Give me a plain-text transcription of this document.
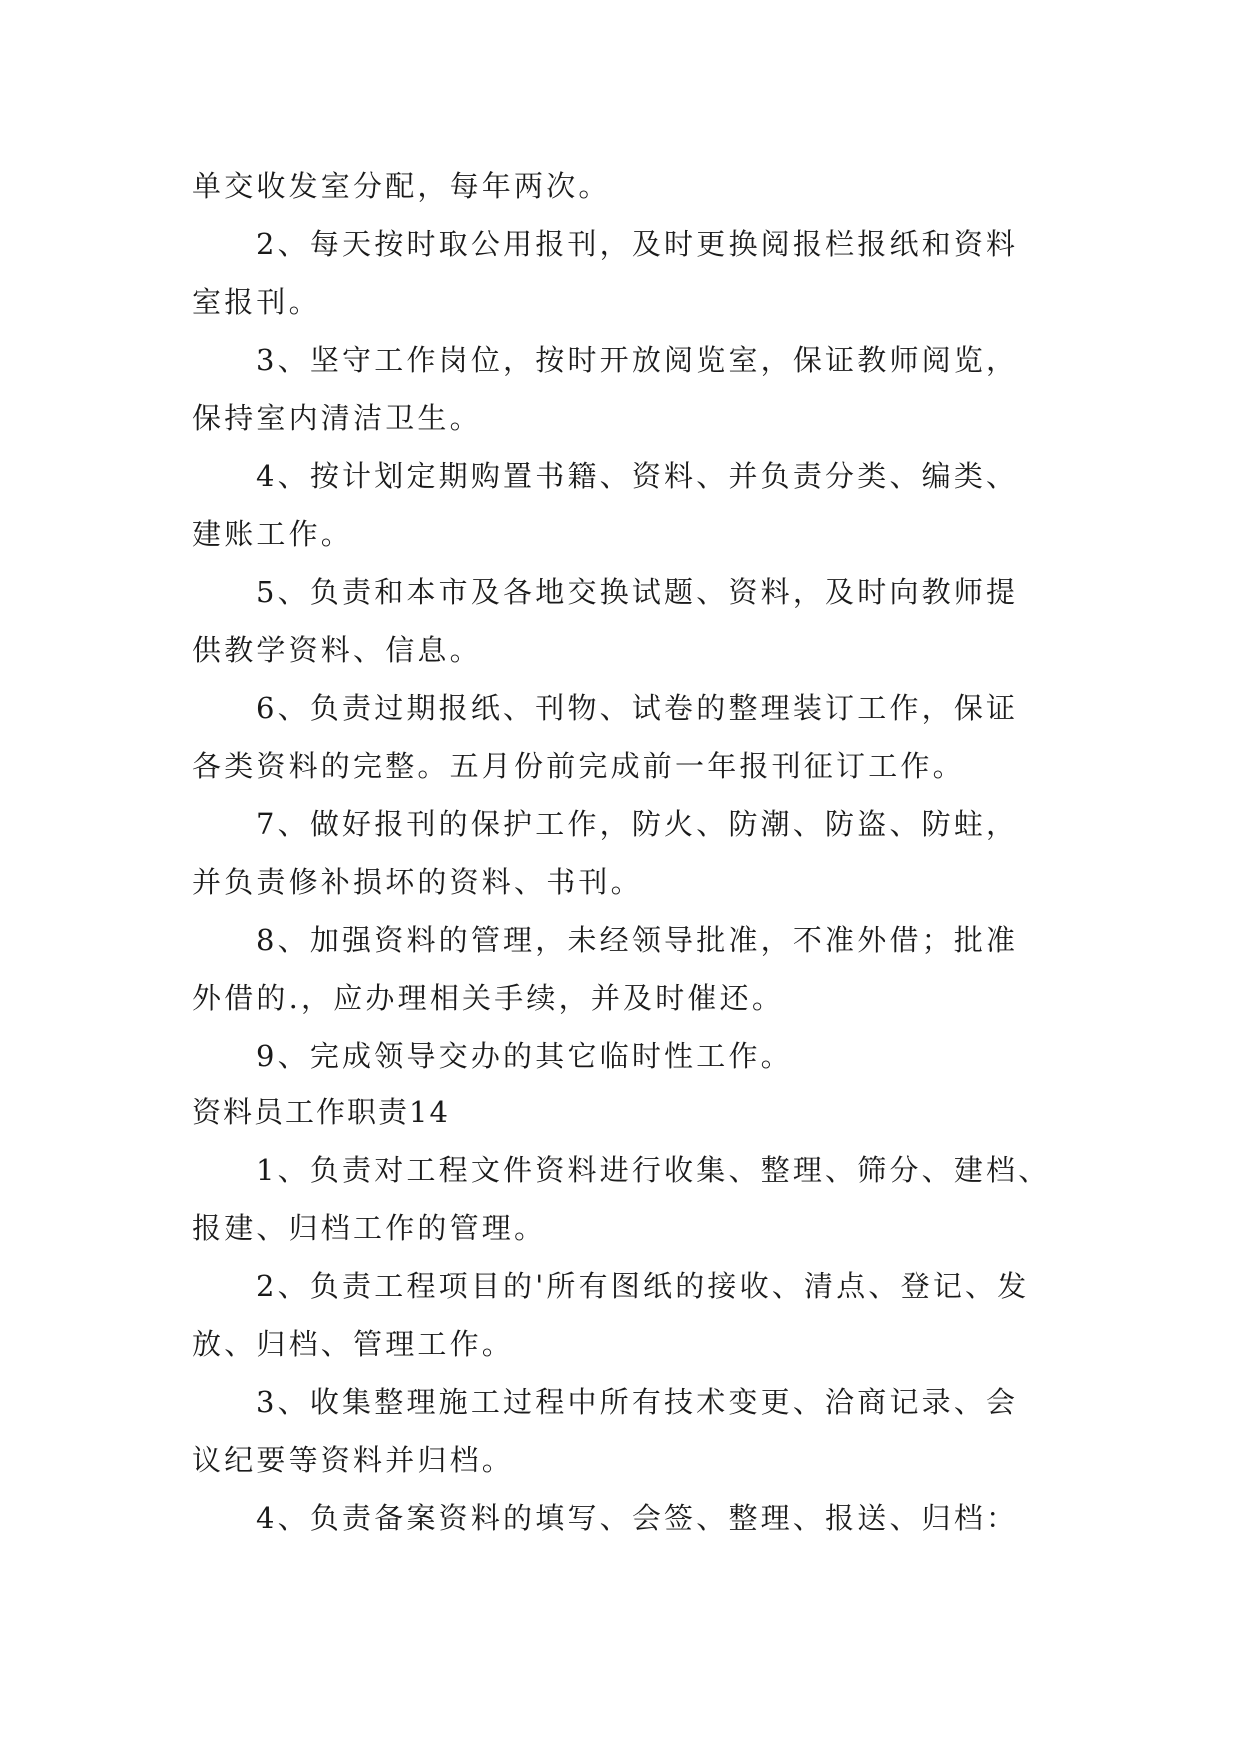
单交收发室分配，每年两次。
2、每天按时取公用报刊，及时更换阅报栏报纸和资料
室报刊。
3、坚守工作岗位，按时开放阅览室，保证教师阅览，
保持室内清洁卫生。
4、按计划定期购置书籍、资料、并负责分类、编类、
建账工作。
5、负责和本市及各地交换试题、资料，及时向教师提
供教学资料、信息。
6、负责过期报纸、刊物、试卷的整理装订工作，保证
各类资料的完整。五月份前完成前一年报刊征订工作。
7、做好报刊的保护工作，防火、防潮、防盗、防蛀，
并负责修补损坏的资料、书刊。
8、加强资料的管理，未经领导批准，不准外借；批准
外借的.，应办理相关手续，并及时催还。
9、完成领导交办的其它临时性工作。
资料员工作职责14
1、负责对工程文件资料进行收集、整理、筛分、建档、
报建、归档工作的管理。
2、负责工程项目的'所有图纸的接收、清点、登记、发
放、归档、管理工作。
3、收集整理施工过程中所有技术变更、洽商记录、会
议纪要等资料并归档。
4、负责备案资料的填写、会签、整理、报送、归档：
